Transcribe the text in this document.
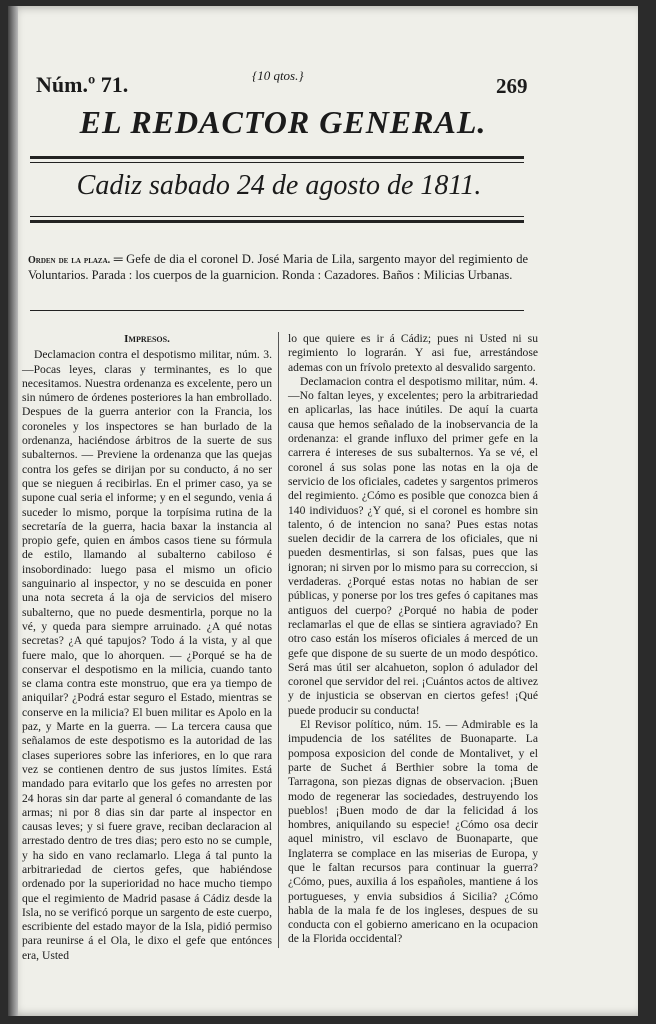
Núm.º 71.	{10 qtos.}	269
EL REDACTOR GENERAL.
Cadiz sabado 24 de agosto de 1811.
Orden de la plaza. ═ Gefe de dia el coronel D. José Maria de Lila, sargento mayor del regimiento de Voluntarios. Parada : los cuerpos de la guarnicion. Ronda : Cazadores. Baños : Milicias Urbanas.

Impresos.

Declamacion contra el despotismo militar, núm. 3. —Pocas leyes, claras y terminantes, es lo que necesitamos. Nuestra ordenanza es excelente, pero un sin número de órdenes posteriores la han embrollado. Despues de la guerra anterior con la Francia, los coroneles y los inspectores se han burlado de la ordenanza, haciéndose árbitros de la suerte de sus subalternos. — Previene la ordenanza que las quejas contra los gefes se dirijan por su conducto, á no ser que se nieguen á recibirlas. En el primer caso, ya se supone cual seria el informe; y en el segundo, venia á suceder lo mismo, porque la torpísima rutina de la secretaría de la guerra, hacia baxar la instancia al propio gefe, quien en ámbos casos tiene su fórmula de estilo, llamando al subalterno cabiloso é insobordinado: luego pasa el mismo un oficio sanguinario al inspector, y no se descuida en poner una nota secreta á la oja de servicios del misero subalterno, que no puede desmentirla, porque no la vé, y queda para siempre arruinado. ¿A qué notas secretas? ¿A qué tapujos? Todo á la vista, y al que fuere malo, que lo ahorquen. — ¿Porqué se ha de conservar el despotismo en la milicia, cuando tanto se clama contra este monstruo, que era ya tiempo de aniquilar? ¿Podrá estar seguro el Estado, mientras se conserve en la milicia? El buen militar es Apolo en la paz, y Marte en la guerra. — La tercera causa que señalamos de este despotismo es la autoridad de las clases superiores sobre las inferiores, en lo que rara vez se contienen dentro de sus justos límites. Está mandado para evitarlo que los gefes no arresten por 24 horas sin dar parte al general ó comandante de las armas; ni por 8 dias sin dar parte al inspector en causas leves; y si fuere grave, reciban declaracion al arrestado dentro de tres dias; pero esto no se cumple, y ha sido en vano reclamarlo. Llega á tal punto la arbitrariedad de ciertos gefes, que habiéndose ordenado por la superioridad no hace mucho tiempo que el regimiento de Madrid pasase á Cádiz desde la Isla, no se verificó porque un sargento de este cuerpo, escribiente del estado mayor de la Isla, pidió permiso para reunirse á el Ola, le dixo el gefe que entónces era, Usted

lo que quiere es ir á Cádiz; pues ni Usted ni su regimiento lo lograrán. Y asi fue, arrestándose ademas con un frívolo pretexto al desvalido sargento.

Declamacion contra el despotismo militar, núm. 4. —No faltan leyes, y excelentes; pero la arbitrariedad en aplicarlas, las hace inútiles. De aquí la cuarta causa que hemos señalado de la inobservancia de la ordenanza: el grande influxo del primer gefe en la carrera é intereses de sus subalternos. Ya se vé, el coronel á sus solas pone las notas en la oja de servicio de los oficiales, cadetes y sargentos primeros del regimiento. ¿Cómo es posible que conozca bien á 140 individuos? ¿Y qué, si el coronel es hombre sin talento, ó de intencion no sana? Pues estas notas suelen decidir de la carrera de los oficiales, que ni pueden desmentirlas, si son falsas, pues que las ignoran; ni sirven por lo mismo para su correccion, si verdaderas. ¿Porqué estas notas no habian de ser públicas, y ponerse por los tres gefes ó capitanes mas antiguos del cuerpo? ¿Porqué no habia de poder reclamarlas el que de ellas se sintiera agraviado? En otro caso están los míseros oficiales á merced de un gefe que dispone de su suerte de un modo despótico. Será mas útil ser alcahueton, soplon ó adulador del coronel que servidor del rei. ¡Cuántos actos de altivez y de injusticia se observan en ciertos gefes! ¡Qué puede producir su conducta!

El Revisor político, núm. 15. — Admirable es la impudencia de los satélites de Buonaparte. La pomposa exposicion del conde de Montalivet, y el parte de Suchet á Berthier sobre la toma de Tarragona, son piezas dignas de observacion. ¡Buen modo de regenerar las sociedades, destruyendo los pueblos! ¡Buen modo de dar la felicidad á los hombres, aniquilando su especie! ¿Cómo osa decir aquel ministro, vil esclavo de Buonaparte, que Inglaterra se complace en las miserias de Europa, y que le faltan recursos para continuar la guerra? ¿Cómo, pues, auxilia á los españoles, mantiene á los portugueses, y envia subsidios á Sicilia? ¿Cómo habla de la mala fe de los ingleses, despues de su conducta con el gobierno americano en la ocupacion de la Florida occidental?
